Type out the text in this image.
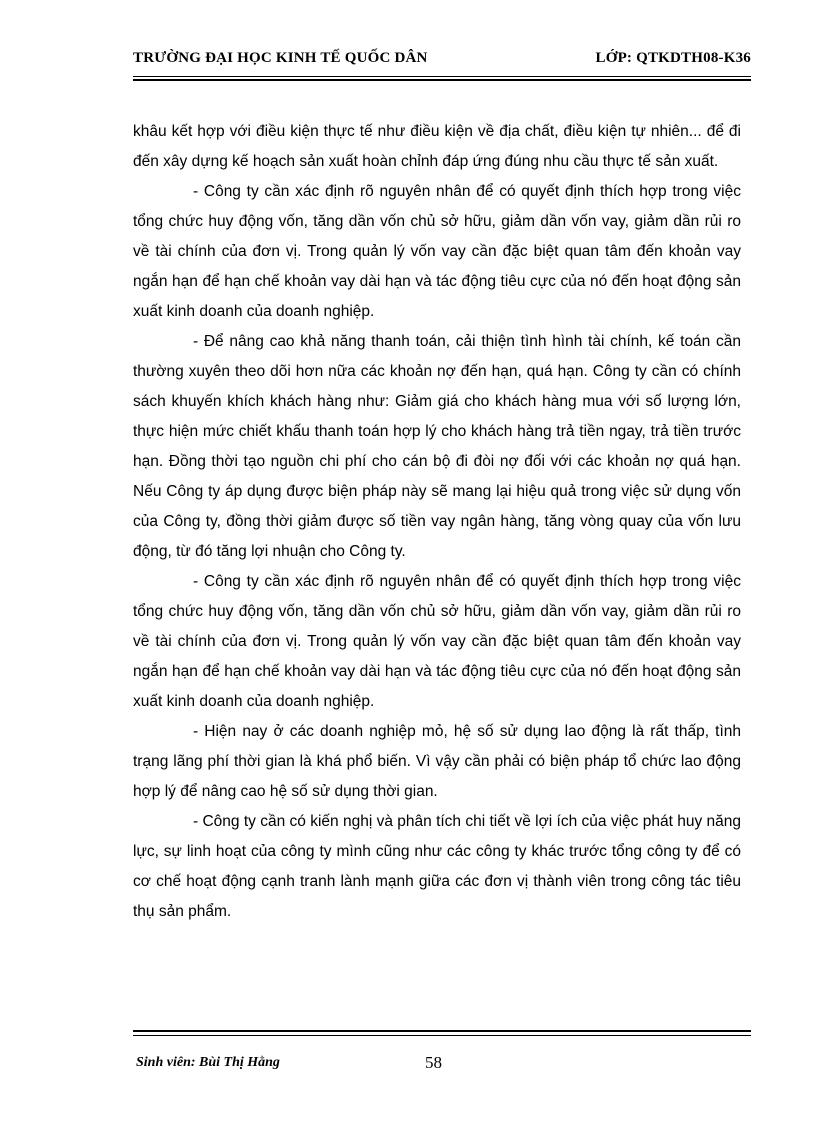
TRƯỜNG ĐẠI HỌC KINH TẾ QUỐC DÂN	LỚP: QTKDTH08-K36

khâu kết hợp với điều kiện thực tế như điều kiện về địa chất, điều kiện tự nhiên... để đi đến xây dựng kế hoạch sản xuất hoàn chỉnh đáp ứng đúng nhu cầu thực tế sản xuất.

- Công ty cần xác định rõ nguyên nhân để có quyết định thích hợp trong việc tổng chức huy động vốn, tăng dần vốn chủ sở hữu, giảm dần vốn vay, giảm dần rủi ro về tài chính của đơn vị. Trong quản lý vốn vay cần đặc biệt quan tâm đến khoản vay ngắn hạn để hạn chế khoản vay dài hạn và tác động tiêu cực của nó đến hoạt động sản xuất kinh doanh của doanh nghiệp.

- Để nâng cao khả năng thanh toán, cải thiện tình hình tài chính, kế toán cần thường xuyên theo dõi hơn nữa các khoản nợ đến hạn, quá hạn. Công ty cần có chính sách khuyến khích khách hàng như: Giảm giá cho khách hàng mua với số lượng lớn, thực hiện mức chiết khấu thanh toán hợp lý cho khách hàng trả tiền ngay, trả tiền trước hạn. Đồng thời tạo nguồn chi phí cho cán bộ đi đòi nợ đối với các khoản nợ quá hạn. Nếu Công ty áp dụng được biện pháp này sẽ mang lại hiệu quả trong việc sử dụng vốn của Công ty, đồng thời giảm được số tiền vay ngân hàng, tăng vòng quay của vốn lưu động, từ đó tăng lợi nhuận cho Công ty.

- Công ty cần xác định rõ nguyên nhân để có quyết định thích hợp trong việc tổng chức huy động vốn, tăng dần vốn chủ sở hữu, giảm dần vốn vay, giảm dần rủi ro về tài chính của đơn vị. Trong quản lý vốn vay cần đặc biệt quan tâm đến khoản vay ngắn hạn để hạn chế khoản vay dài hạn và tác động tiêu cực của nó đến hoạt động sản xuất kinh doanh của doanh nghiệp.

- Hiện nay ở các doanh nghiệp mỏ, hệ số sử dụng lao động là rất thấp, tình trạng lãng phí thời gian là khá phổ biến. Vì vậy cần phải có biện pháp tổ chức lao động hợp lý để nâng cao hệ số sử dụng thời gian.

- Công ty cần có kiến nghị và phân tích chi tiết về lợi ích của việc phát huy năng lực, sự linh hoạt của công ty mình cũng như các công ty khác trước tổng công ty để có cơ chế hoạt động cạnh tranh lành mạnh giữa các đơn vị thành viên trong công tác tiêu thụ sản phẩm.

Sinh viên: Bùi Thị Hằng	58
